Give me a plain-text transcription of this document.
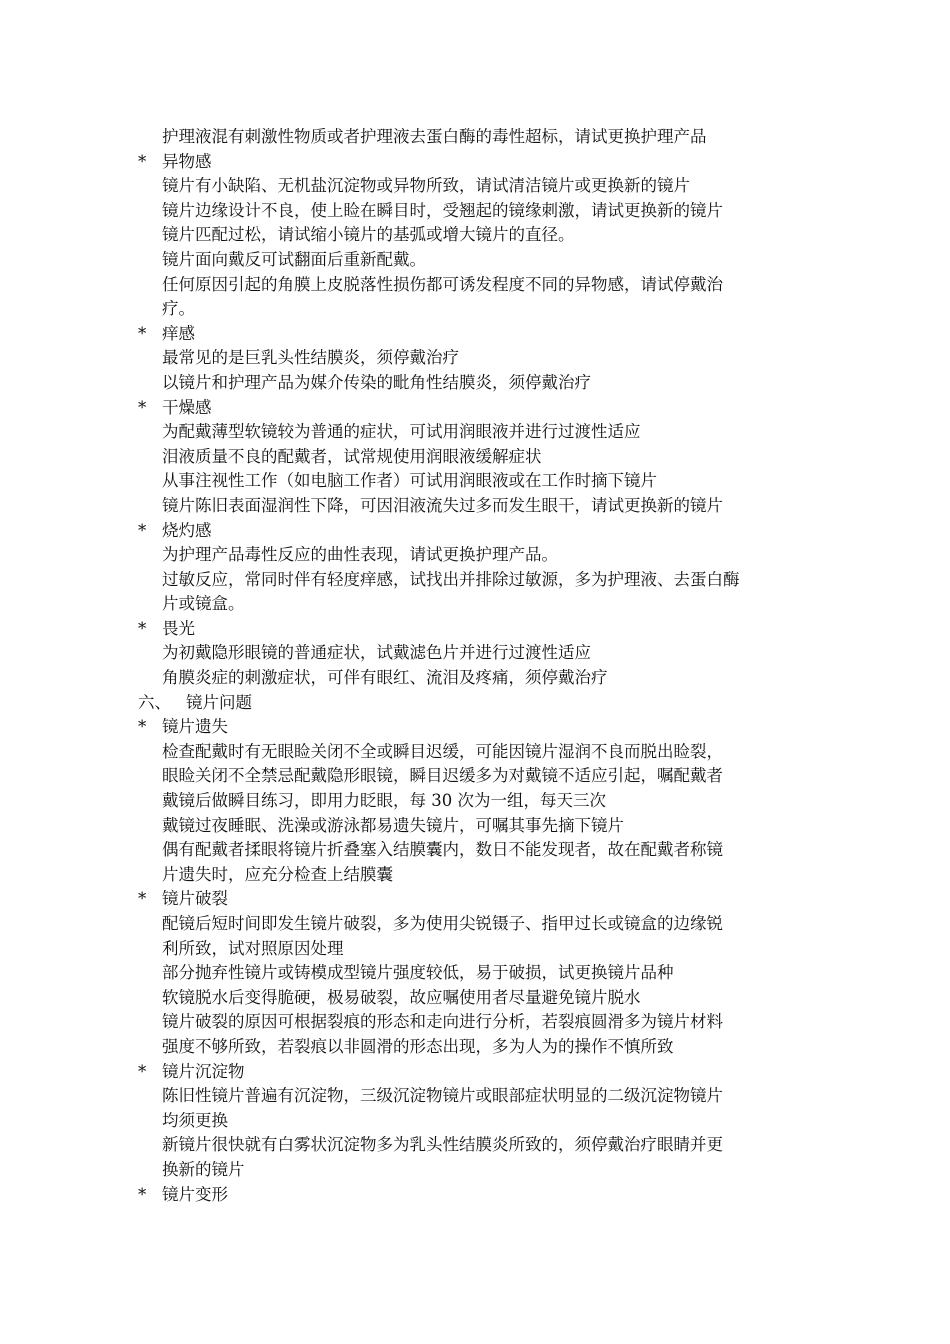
护理液混有刺激性物质或者护理液去蛋白酶的毒性超标，请试更换护理产品
* 异物感
镜片有小缺陷、无机盐沉淀物或异物所致，请试清洁镜片或更换新的镜片
镜片边缘设计不良，使上睑在瞬目时，受翘起的镜缘刺激，请试更换新的镜片
镜片匹配过松，请试缩小镜片的基弧或增大镜片的直径。
镜片面向戴反可试翻面后重新配戴。
任何原因引起的角膜上皮脱落性损伤都可诱发程度不同的异物感，请试停戴治
疗。
* 痒感
最常见的是巨乳头性结膜炎，须停戴治疗
以镜片和护理产品为媒介传染的毗角性结膜炎，须停戴治疗
* 干燥感
为配戴薄型软镜较为普通的症状，可试用润眼液并进行过渡性适应
泪液质量不良的配戴者，试常规使用润眼液缓解症状
从事注视性工作（如电脑工作者）可试用润眼液或在工作时摘下镜片
镜片陈旧表面湿润性下降，可因泪液流失过多而发生眼干，请试更换新的镜片
* 烧灼感
为护理产品毒性反应的曲性表现，请试更换护理产品。
过敏反应，常同时伴有轻度痒感，试找出并排除过敏源，多为护理液、去蛋白酶
片或镜盒。
* 畏光
为初戴隐形眼镜的普通症状，试戴滤色片并进行过渡性适应
角膜炎症的刺激症状，可伴有眼红、流泪及疼痛，须停戴治疗
六、 镜片问题
* 镜片遗失
检查配戴时有无眼睑关闭不全或瞬目迟缓，可能因镜片湿润不良而脱出睑裂，
眼睑关闭不全禁忌配戴隐形眼镜，瞬目迟缓多为对戴镜不适应引起，嘱配戴者
戴镜后做瞬目练习，即用力眨眼，每 30 次为一组，每天三次
戴镜过夜睡眠、洗澡或游泳都易遗失镜片，可嘱其事先摘下镜片
偶有配戴者揉眼将镜片折叠塞入结膜囊内，数日不能发现者，故在配戴者称镜
片遗失时，应充分检查上结膜囊
* 镜片破裂
配镜后短时间即发生镜片破裂，多为使用尖锐镊子、指甲过长或镜盒的边缘锐
利所致，试对照原因处理
部分抛弃性镜片或铸模成型镜片强度较低，易于破损，试更换镜片品种
软镜脱水后变得脆硬，极易破裂，故应嘱使用者尽量避免镜片脱水
镜片破裂的原因可根据裂痕的形态和走向进行分析，若裂痕圆滑多为镜片材料
强度不够所致，若裂痕以非圆滑的形态出现，多为人为的操作不慎所致
* 镜片沉淀物
陈旧性镜片普遍有沉淀物，三级沉淀物镜片或眼部症状明显的二级沉淀物镜片
均须更换
新镜片很快就有白雾状沉淀物多为乳头性结膜炎所致的，须停戴治疗眼睛并更
换新的镜片
* 镜片变形
